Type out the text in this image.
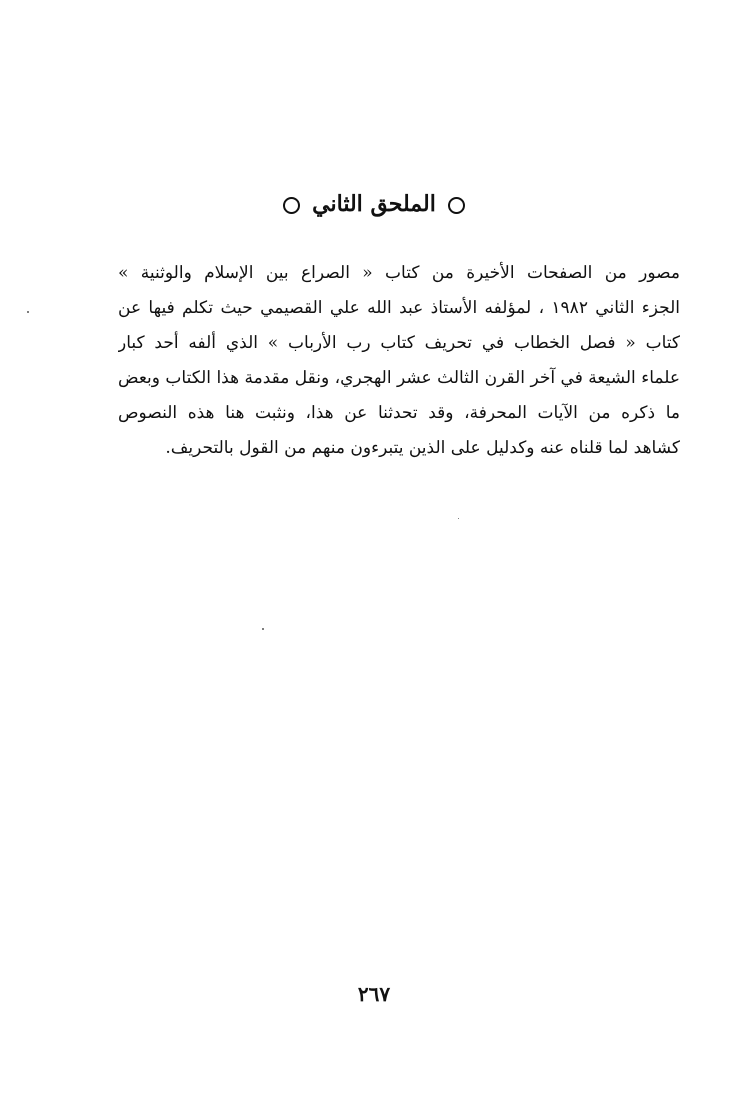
الملحق الثاني
مصور من الصفحات الأخيرة من كتاب « الصراع بين الإسلام والوثنية »
الجزء الثاني ١٩٨٢ ، لمؤلفه الأستاذ عبد الله علي القصيمي حيث تكلم فيها عن
كتاب « فصل الخطاب في تحريف كتاب رب الأرباب » الذي ألفه أحد كبار
علماء الشيعة في آخر القرن الثالث عشر الهجري، ونقل مقدمة هذا الكتاب وبعض
ما ذكره من الآيات المحرفة، وقد تحدثنا عن هذا، ونثبت هنا هذه النصوص
كشاهد لما قلناه عنه وكدليل على الذين يتبرءون منهم من القول بالتحريف.
٢٦٧
